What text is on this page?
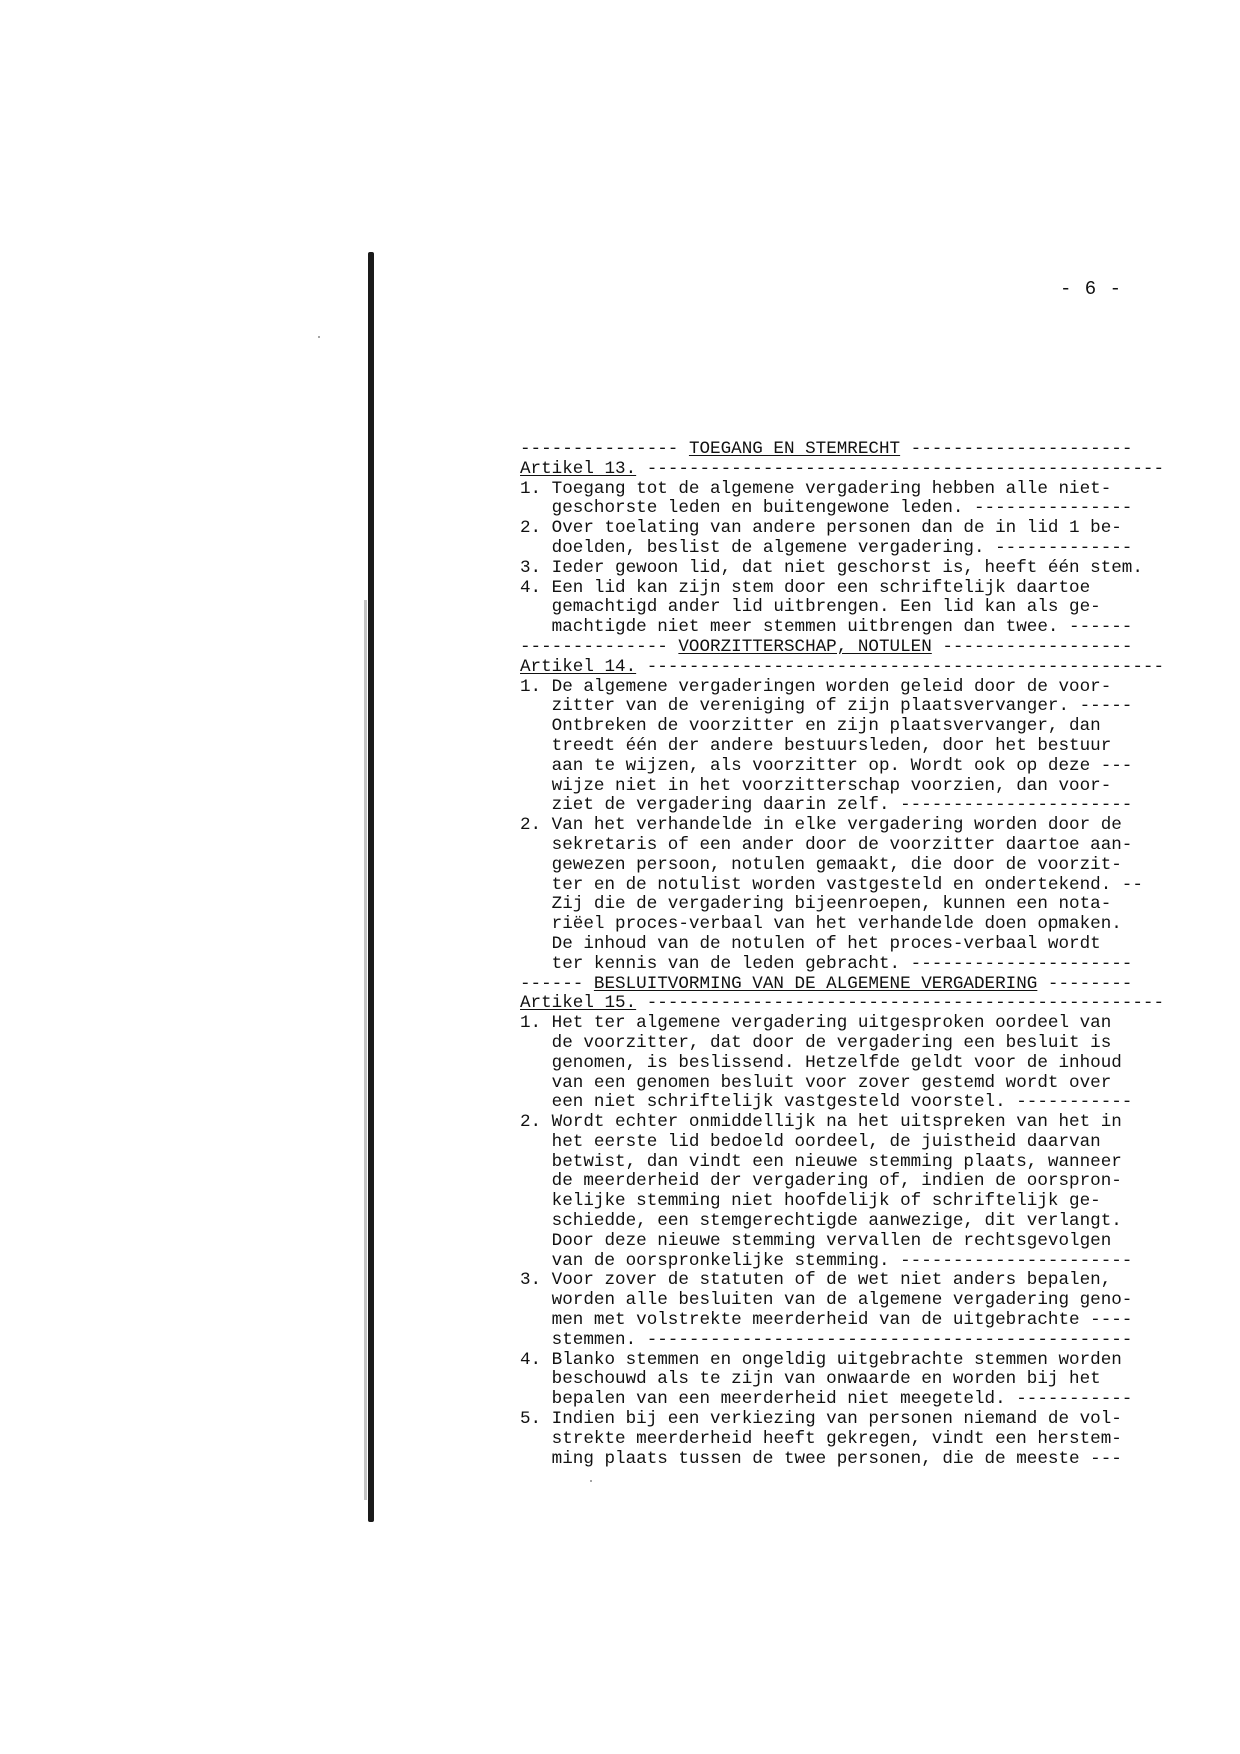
- 6 -
--------------- TOEGANG EN STEMRECHT ---------------------
Artikel 13. -------------------------------------------------
1. Toegang tot de algemene vergadering hebben alle niet-
geschorste leden en buitengewone leden. ---------------
2. Over toelating van andere personen dan de in lid 1 be-
doelden, beslist de algemene vergadering. -------------
3. Ieder gewoon lid, dat niet geschorst is, heeft één stem.
4. Een lid kan zijn stem door een schriftelijk daartoe
gemachtigd ander lid uitbrengen. Een lid kan als ge-
machtigde niet meer stemmen uitbrengen dan twee. ------
-------------- VOORZITTERSCHAP, NOTULEN ------------------
Artikel 14. -------------------------------------------------
1. De algemene vergaderingen worden geleid door de voor-
zitter van de vereniging of zijn plaatsvervanger. -----
Ontbreken de voorzitter en zijn plaatsvervanger, dan
treedt één der andere bestuursleden, door het bestuur
aan te wijzen, als voorzitter op. Wordt ook op deze ---
wijze niet in het voorzitterschap voorzien, dan voor-
ziet de vergadering daarin zelf. ----------------------
2. Van het verhandelde in elke vergadering worden door de
sekretaris of een ander door de voorzitter daartoe aan-
gewezen persoon, notulen gemaakt, die door de voorzit-
ter en de notulist worden vastgesteld en ondertekend. --
Zij die de vergadering bijeenroepen, kunnen een nota-
riëel proces-verbaal van het verhandelde doen opmaken.
De inhoud van de notulen of het proces-verbaal wordt
ter kennis van de leden gebracht. ---------------------
------ BESLUITVORMING VAN DE ALGEMENE VERGADERING --------
Artikel 15. -------------------------------------------------
1. Het ter algemene vergadering uitgesproken oordeel van
de voorzitter, dat door de vergadering een besluit is
genomen, is beslissend. Hetzelfde geldt voor de inhoud
van een genomen besluit voor zover gestemd wordt over
een niet schriftelijk vastgesteld voorstel. -----------
2. Wordt echter onmiddellijk na het uitspreken van het in
het eerste lid bedoeld oordeel, de juistheid daarvan
betwist, dan vindt een nieuwe stemming plaats, wanneer
de meerderheid der vergadering of, indien de oorspron-
kelijke stemming niet hoofdelijk of schriftelijk ge-
schiedde, een stemgerechtigde aanwezige, dit verlangt.
Door deze nieuwe stemming vervallen de rechtsgevolgen
van de oorspronkelijke stemming. ----------------------
3. Voor zover de statuten of de wet niet anders bepalen,
worden alle besluiten van de algemene vergadering geno-
men met volstrekte meerderheid van de uitgebrachte ----
stemmen. ----------------------------------------------
4. Blanko stemmen en ongeldig uitgebrachte stemmen worden
beschouwd als te zijn van onwaarde en worden bij het
bepalen van een meerderheid niet meegeteld. -----------
5. Indien bij een verkiezing van personen niemand de vol-
strekte meerderheid heeft gekregen, vindt een herstem-
ming plaats tussen de twee personen, die de meeste ---
